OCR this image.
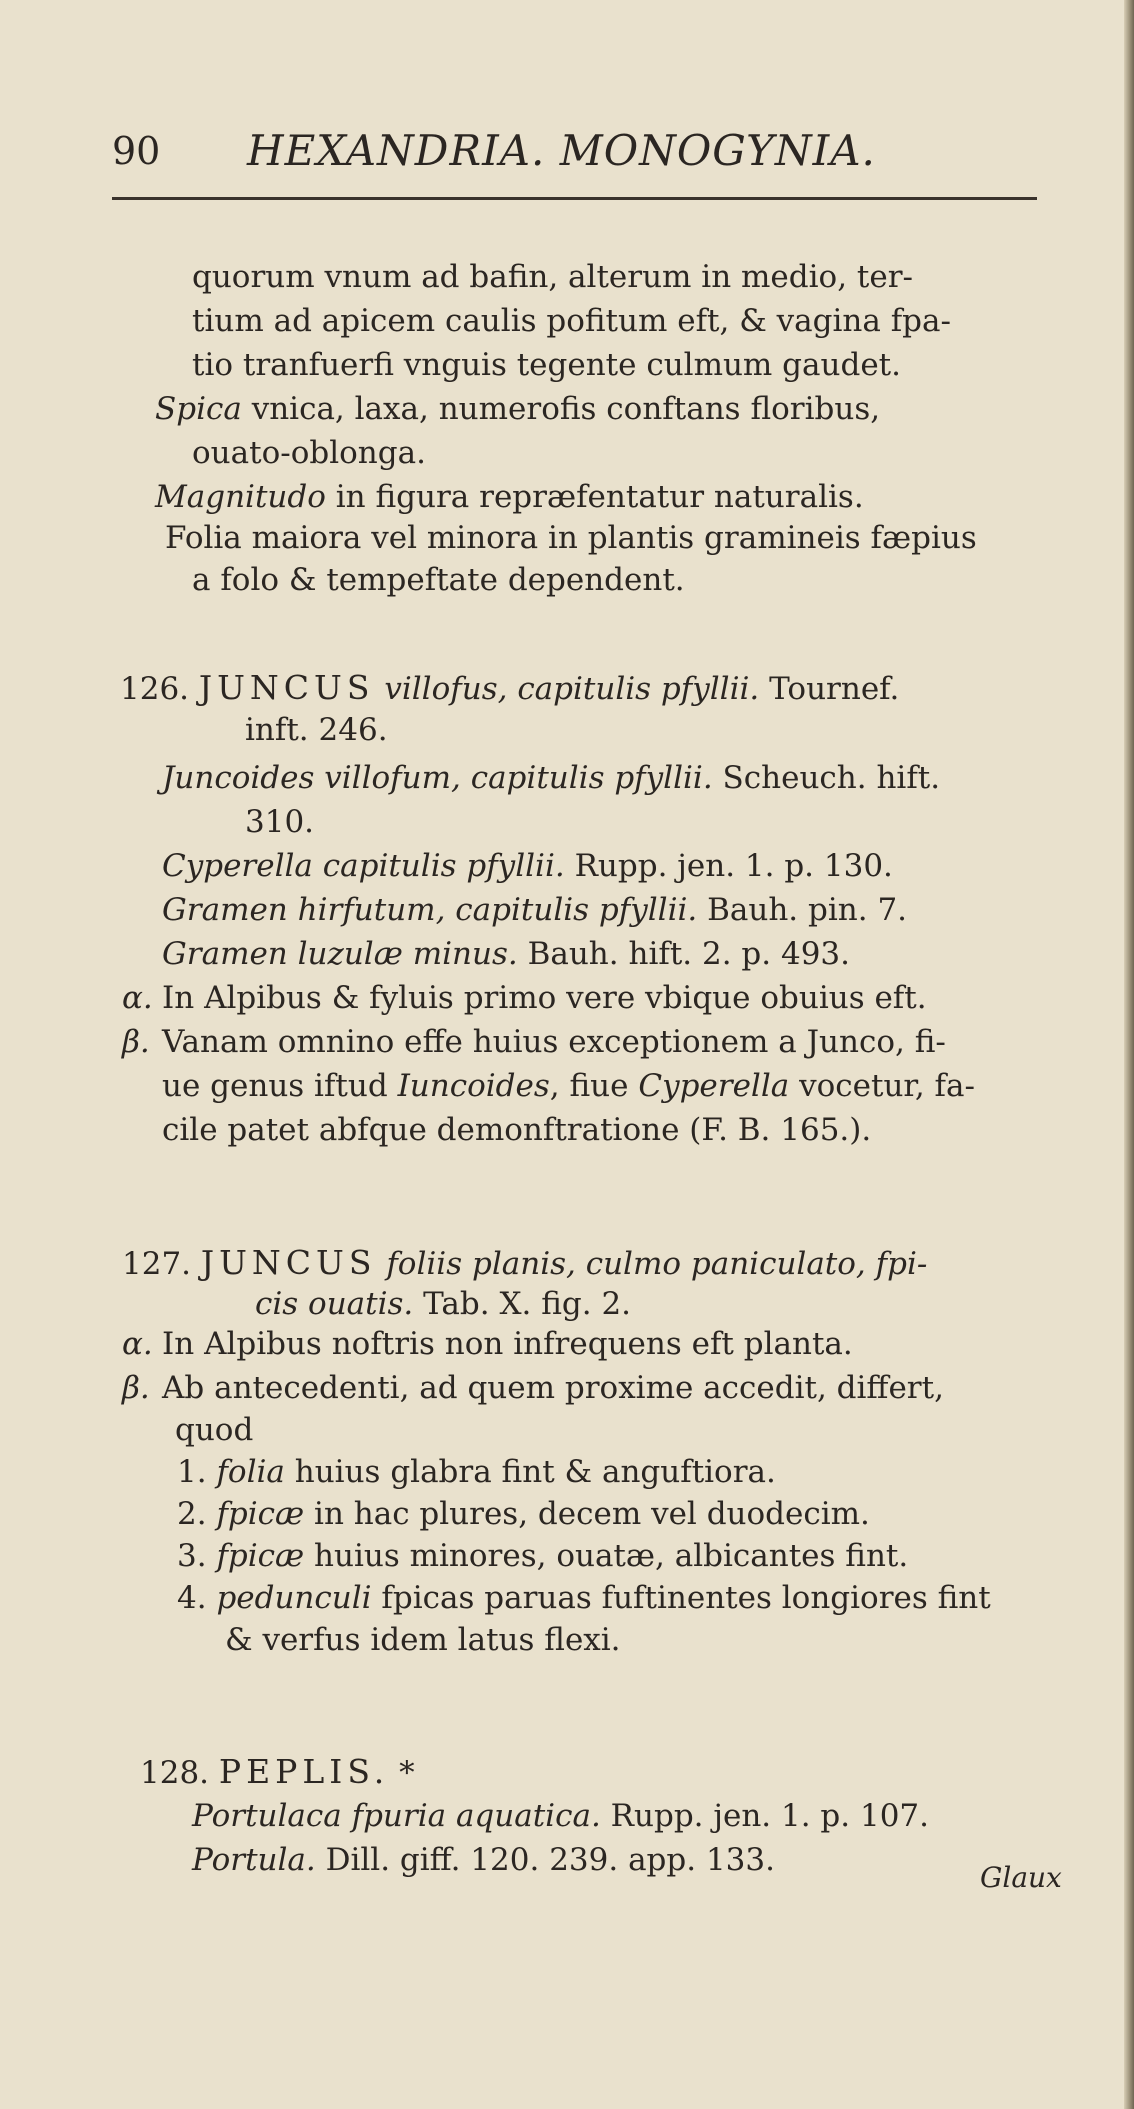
90 HEXANDRIA. MONOGYNIA.
quorum vnum ad bafin, alterum in medio, ter-
tium ad apicem caulis pofitum eft, & vagina fpa-
tio tranfuerfi vnguis tegente culmum gaudet.
Spica vnica, laxa, numerofis conftans floribus,
ouato-oblonga.
Magnitudo in figura repræfentatur naturalis.
Folia maiora vel minora in plantis gramineis fæpius
a folo & tempeftate dependent.
126. JUNCUS villofus, capitulis pfyllii. Tournef.
inft. 246.
Juncoides villofum, capitulis pfyllii. Scheuch. hift.
310.
Cyperella capitulis pfyllii. Rupp. jen. 1. p. 130.
Gramen hirfutum, capitulis pfyllii. Bauh. pin. 7.
Gramen luzulæ minus. Bauh. hift. 2. p. 493.
α. In Alpibus & fyluis primo vere vbique obuius eft.
β. Vanam omnino effe huius exceptionem a Junco, fi-
ue genus iftud Iuncoides, fiue Cyperella vocetur, fa-
cile patet abfque demonftratione (F. B. 165.).
127. JUNCUS foliis planis, culmo paniculato, fpi-
cis ouatis. Tab. X. fig. 2.
α. In Alpibus noftris non infrequens eft planta.
β. Ab antecedenti, ad quem proxime accedit, differt,
quod
1. folia huius glabra fint & anguftiora.
2. fpicæ in hac plures, decem vel duodecim.
3. fpicæ huius minores, ouatæ, albicantes fint.
4. pedunculi fpicas paruas fuftinentes longiores fint
& verfus idem latus flexi.
128. PEPLIS. *
Portulaca fpuria aquatica. Rupp. jen. 1. p. 107.
Portula. Dill. giff. 120. 239. app. 133.	Glaux
